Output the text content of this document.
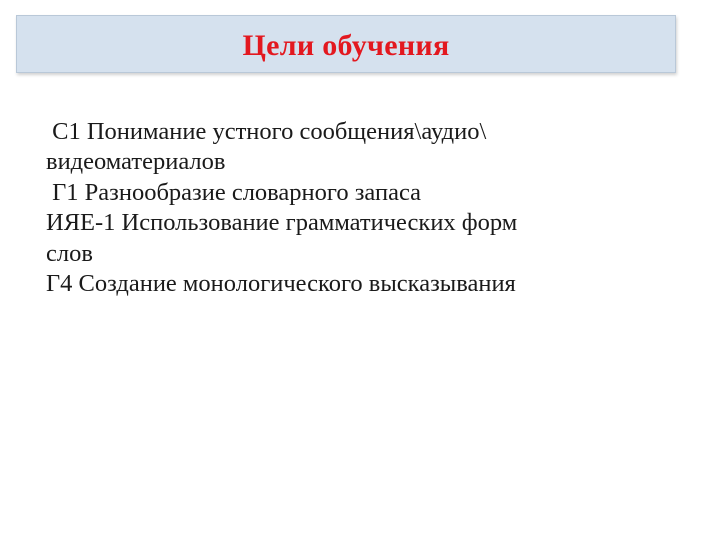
Цели обучения
С1 Понимание устного сообщения\аудио\
видеоматериалов
Г1 Разнообразие словарного запаса
ИЯЕ-1 Использование грамматических форм
слов
Г4 Создание монологического высказывания
